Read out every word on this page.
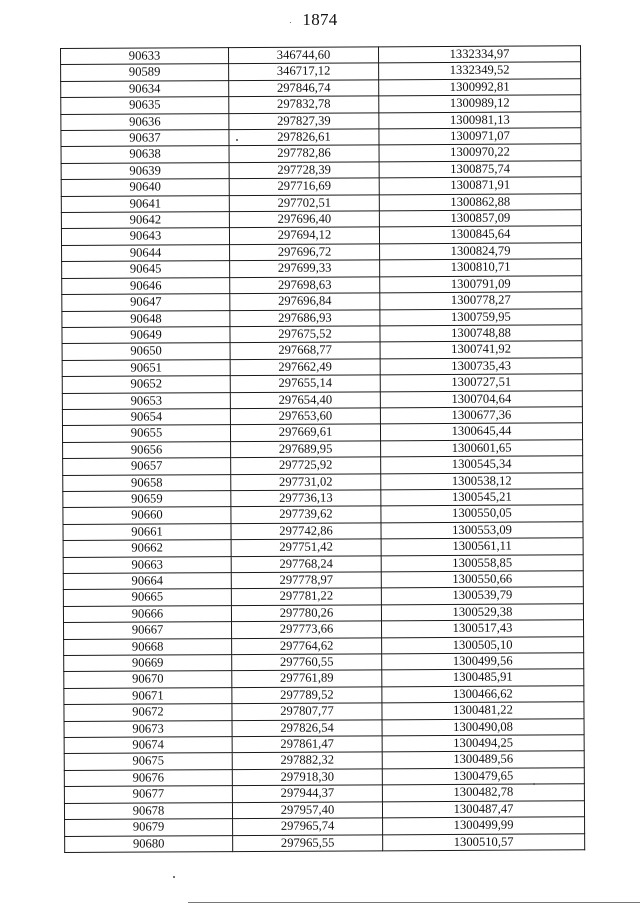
1874
90633	346744,60	1332334,97
90589	346717,12	1332349,52
90634	297846,74	1300992,81
90635	297832,78	1300989,12
90636	297827,39	1300981,13
90637	297826,61	1300971,07
90638	297782,86	1300970,22
90639	297728,39	1300875,74
90640	297716,69	1300871,91
90641	297702,51	1300862,88
90642	297696,40	1300857,09
90643	297694,12	1300845,64
90644	297696,72	1300824,79
90645	297699,33	1300810,71
90646	297698,63	1300791,09
90647	297696,84	1300778,27
90648	297686,93	1300759,95
90649	297675,52	1300748,88
90650	297668,77	1300741,92
90651	297662,49	1300735,43
90652	297655,14	1300727,51
90653	297654,40	1300704,64
90654	297653,60	1300677,36
90655	297669,61	1300645,44
90656	297689,95	1300601,65
90657	297725,92	1300545,34
90658	297731,02	1300538,12
90659	297736,13	1300545,21
90660	297739,62	1300550,05
90661	297742,86	1300553,09
90662	297751,42	1300561,11
90663	297768,24	1300558,85
90664	297778,97	1300550,66
90665	297781,22	1300539,79
90666	297780,26	1300529,38
90667	297773,66	1300517,43
90668	297764,62	1300505,10
90669	297760,55	1300499,56
90670	297761,89	1300485,91
90671	297789,52	1300466,62
90672	297807,77	1300481,22
90673	297826,54	1300490,08
90674	297861,47	1300494,25
90675	297882,32	1300489,56
90676	297918,30	1300479,65
90677	297944,37	1300482,78
90678	297957,40	1300487,47
90679	297965,74	1300499,99
90680	297965,55	1300510,57
